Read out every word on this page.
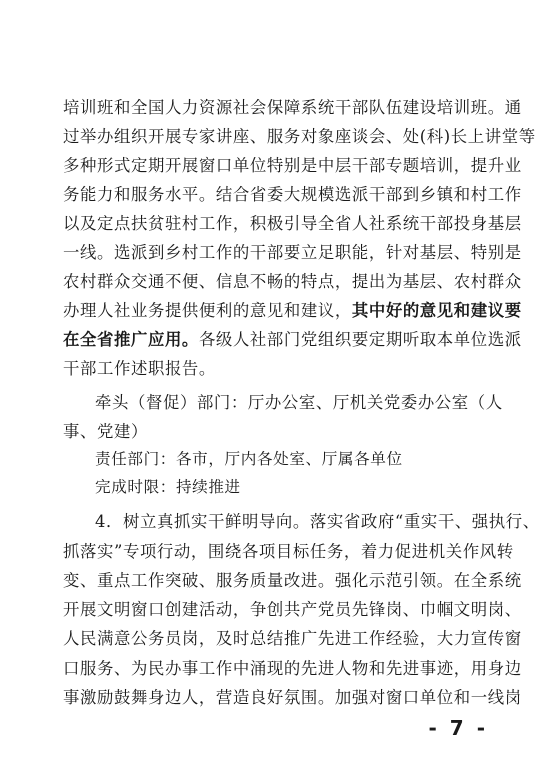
培训班和全国人力资源社会保障系统干部队伍建设培训班。通
过举办组织开展专家讲座、服务对象座谈会、处(科)长上讲堂等
多种形式定期开展窗口单位特别是中层干部专题培训，提升业
务能力和服务水平。结合省委大规模选派干部到乡镇和村工作
以及定点扶贫驻村工作，积极引导全省人社系统干部投身基层
一线。选派到乡村工作的干部要立足职能，针对基层、特别是
农村群众交通不便、信息不畅的特点，提出为基层、农村群众
办理人社业务提供便利的意见和建议，其中好的意见和建议要
在全省推广应用。各级人社部门党组织要定期听取本单位选派
干部工作述职报告。
牵头（督促）部门：厅办公室、厅机关党委办公室（人
事、党建）
责任部门：各市，厅内各处室、厅属各单位
完成时限：持续推进
4．树立真抓实干鲜明导向。落实省政府“重实干、强执行、
抓落实”专项行动，围绕各项目标任务，着力促进机关作风转
变、重点工作突破、服务质量改进。强化示范引领。在全系统
开展文明窗口创建活动，争创共产党员先锋岗、巾帼文明岗、
人民满意公务员岗，及时总结推广先进工作经验，大力宣传窗
口服务、为民办事工作中涌现的先进人物和先进事迹，用身边
事激励鼓舞身边人，营造良好氛围。加强对窗口单位和一线岗
- 7 -
